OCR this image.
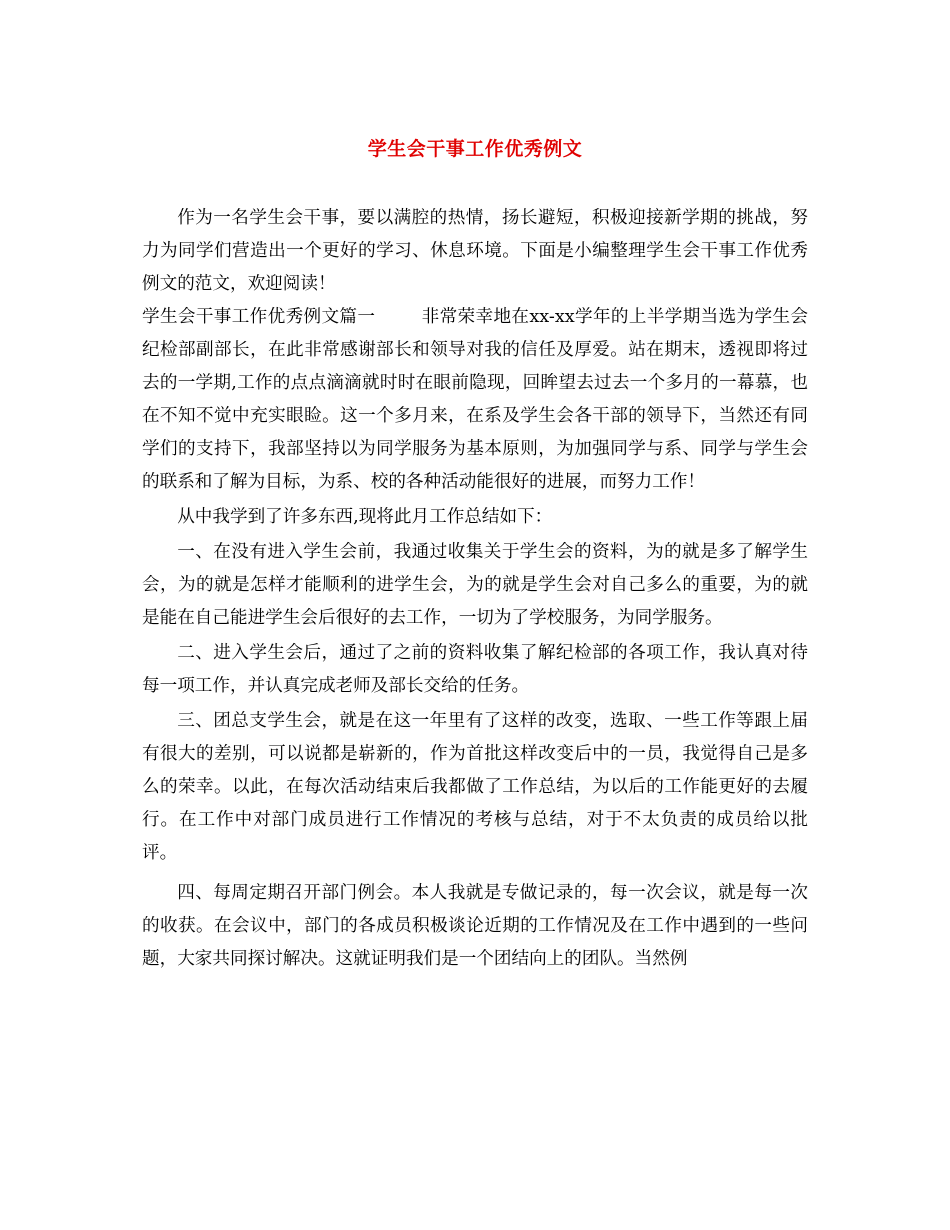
学生会干事工作优秀例文

作为一名学生会干事，要以满腔的热情，扬长避短，积极迎接新学期的挑战，努力为同学们营造出一个更好的学习、休息环境。下面是小编整理学生会干事工作优秀例文的范文，欢迎阅读！

学生会干事工作优秀例文篇一	非常荣幸地在xx-xx学年的上半学期当选为学生会纪检部副部长，在此非常感谢部长和领导对我的信任及厚爱。站在期末，透视即将过去的一学期,工作的点点滴滴就时时在眼前隐现，回眸望去过去一个多月的一幕慕，也在不知不觉中充实眼睑。这一个多月来，在系及学生会各干部的领导下，当然还有同学们的支持下，我部坚持以为同学服务为基本原则，为加强同学与系、同学与学生会的联系和了解为目标，为系、校的各种活动能很好的进展，而努力工作！

从中我学到了许多东西,现将此月工作总结如下：

一、在没有进入学生会前，我通过收集关于学生会的资料，为的就是多了解学生会，为的就是怎样才能顺利的进学生会，为的就是学生会对自己多么的重要，为的就是能在自己能进学生会后很好的去工作，一切为了学校服务，为同学服务。

二、进入学生会后，通过了之前的资料收集了解纪检部的各项工作，我认真对待每一项工作，并认真完成老师及部长交给的任务。

三、团总支学生会，就是在这一年里有了这样的改变，选取、一些工作等跟上届有很大的差别，可以说都是崭新的，作为首批这样改变后中的一员，我觉得自己是多么的荣幸。以此，在每次活动结束后我都做了工作总结，为以后的工作能更好的去履行。在工作中对部门成员进行工作情况的考核与总结，对于不太负责的成员给以批评。

四、每周定期召开部门例会。本人我就是专做记录的，每一次会议，就是每一次的收获。在会议中，部门的各成员积极谈论近期的工作情况及在工作中遇到的一些问题，大家共同探讨解决。这就证明我们是一个团结向上的团队。当然例
